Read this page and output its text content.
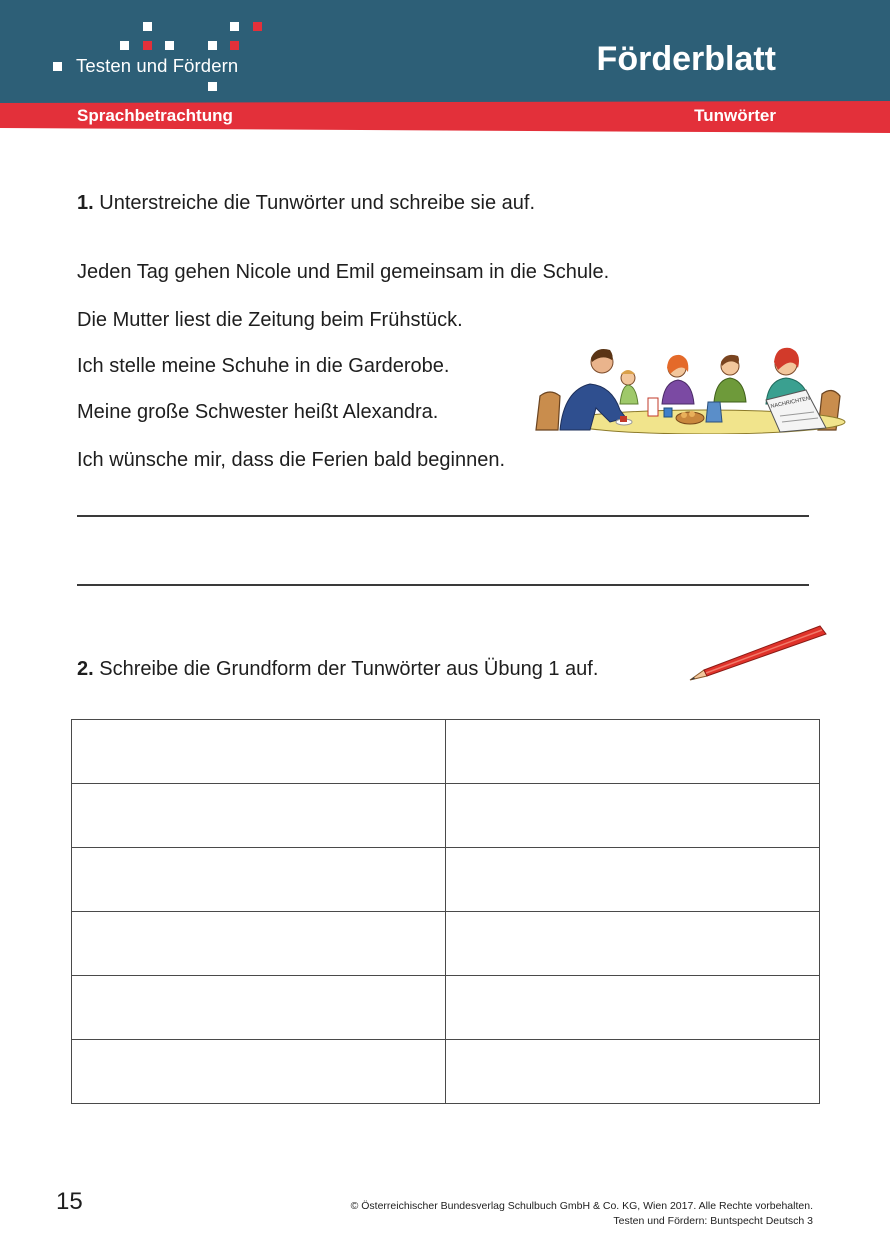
Testen und Fördern	Förderblatt
Sprachbetrachtung	Tunwörter
1. Unterstreiche die Tunwörter und schreibe sie auf.
Jeden Tag gehen Nicole und Emil gemeinsam in die Schule.
Die Mutter liest die Zeitung beim Frühstück.
Ich stelle meine Schuhe in die Garderobe.
Meine große Schwester heißt Alexandra.
Ich wünsche mir, dass die Ferien bald beginnen.
NACHRICHTEN
2. Schreibe die Grundform der Tunwörter aus Übung 1 auf.

15	© Österreichischer Bundesverlag Schulbuch GmbH & Co. KG, Wien 2017. Alle Rechte vorbehalten.
Testen und Fördern: Buntspecht Deutsch 3
